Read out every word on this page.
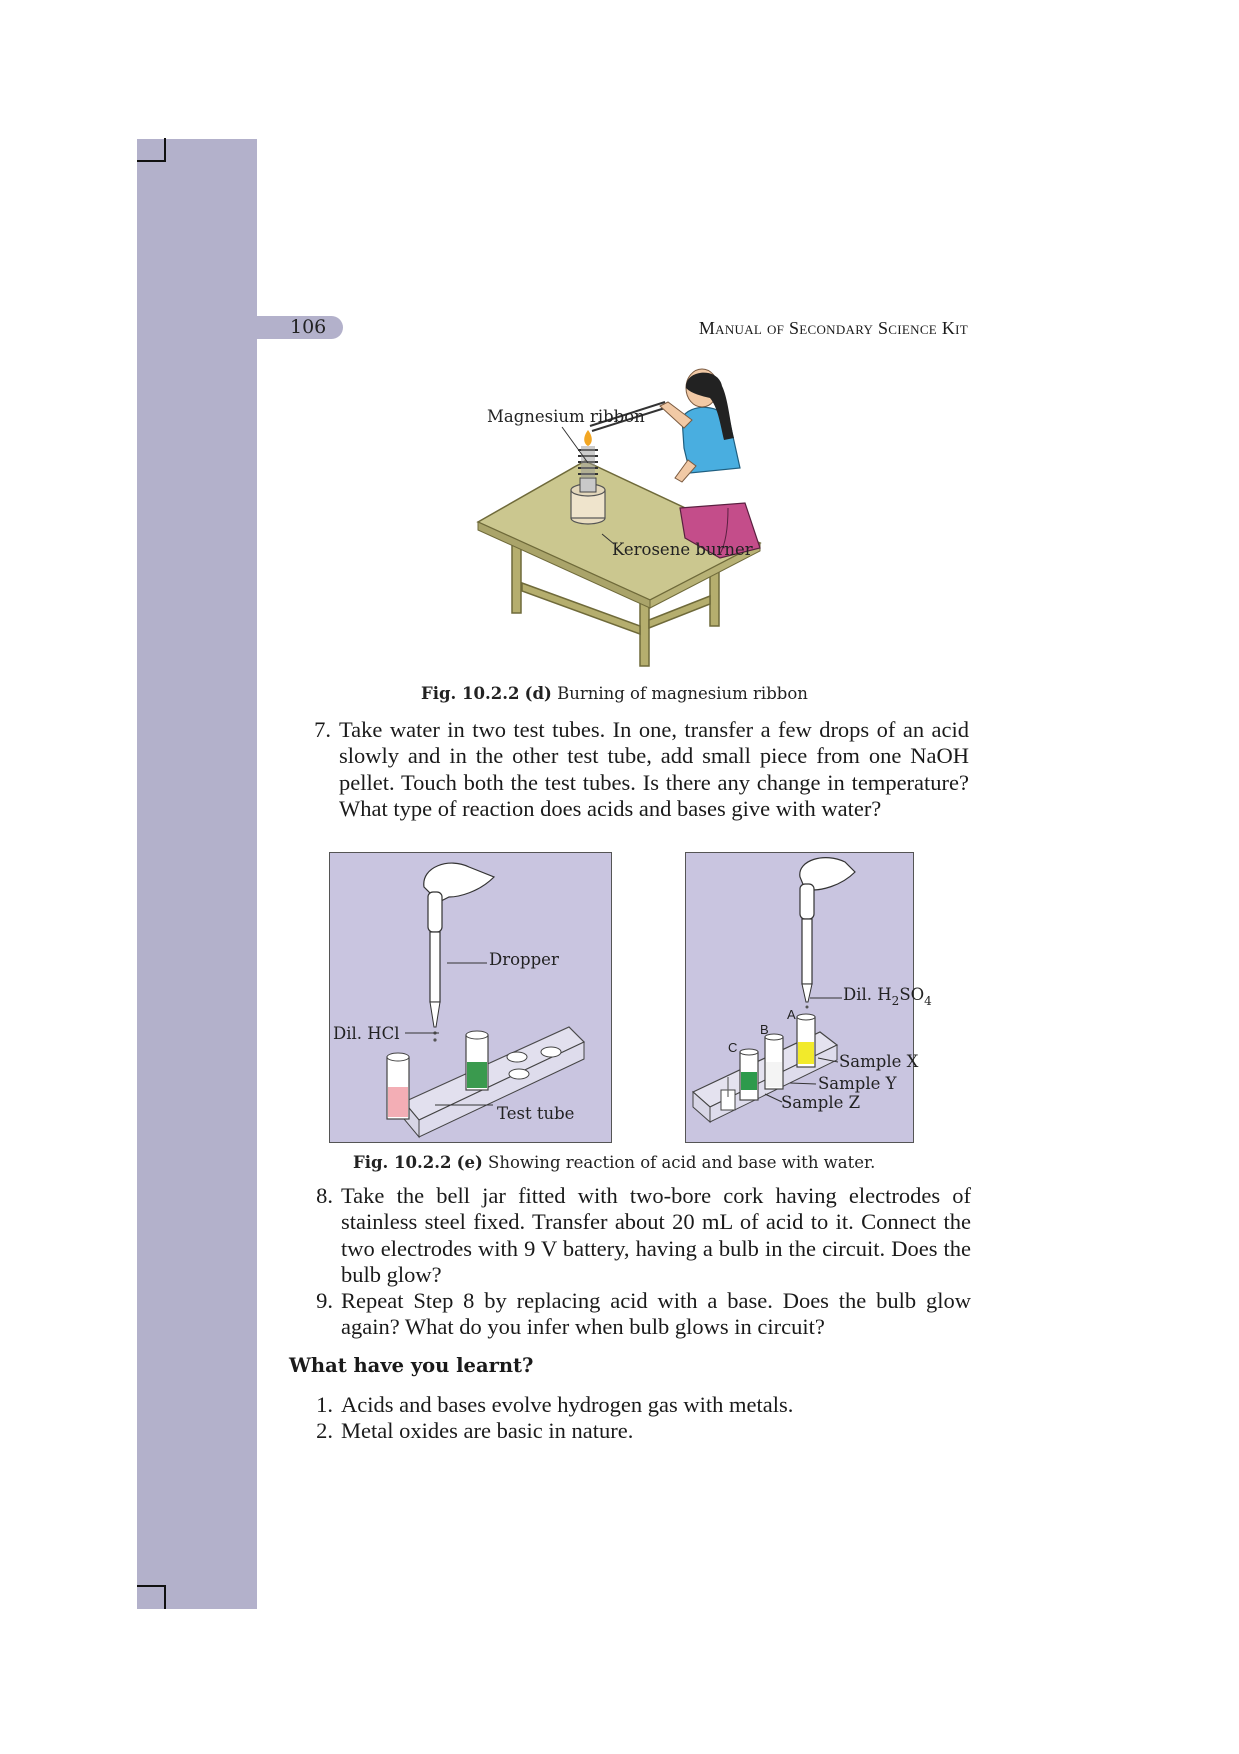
106	Manual of Secondary Science Kit
Magnesium ribbon
Kerosene burner
Fig. 10.2.2 (d) Burning of magnesium ribbon
7. Take water in two test tubes. In one, transfer a few drops of an acid slowly and in the other test tube, add small piece from one NaOH pellet. Touch both the test tubes. Is there any change in temperature? What type of reaction does acids and bases give with water?
Dropper
Dil. HCl
Test tube
Dil. $H_2SO_4$
A
B
C
Sample X
Sample Y
Sample Z
Fig. 10.2.2 (e) Showing reaction of acid and base with water.
8. Take the bell jar fitted with two-bore cork having electrodes of stainless steel fixed. Transfer about 20 mL of acid to it. Connect the two electrodes with 9 V battery, having a bulb in the circuit. Does the bulb glow?
9. Repeat Step 8 by replacing acid with a base. Does the bulb glow again? What do you infer when bulb glows in circuit?
What have you learnt?
1. Acids and bases evolve hydrogen gas with metals.
2. Metal oxides are basic in nature.
